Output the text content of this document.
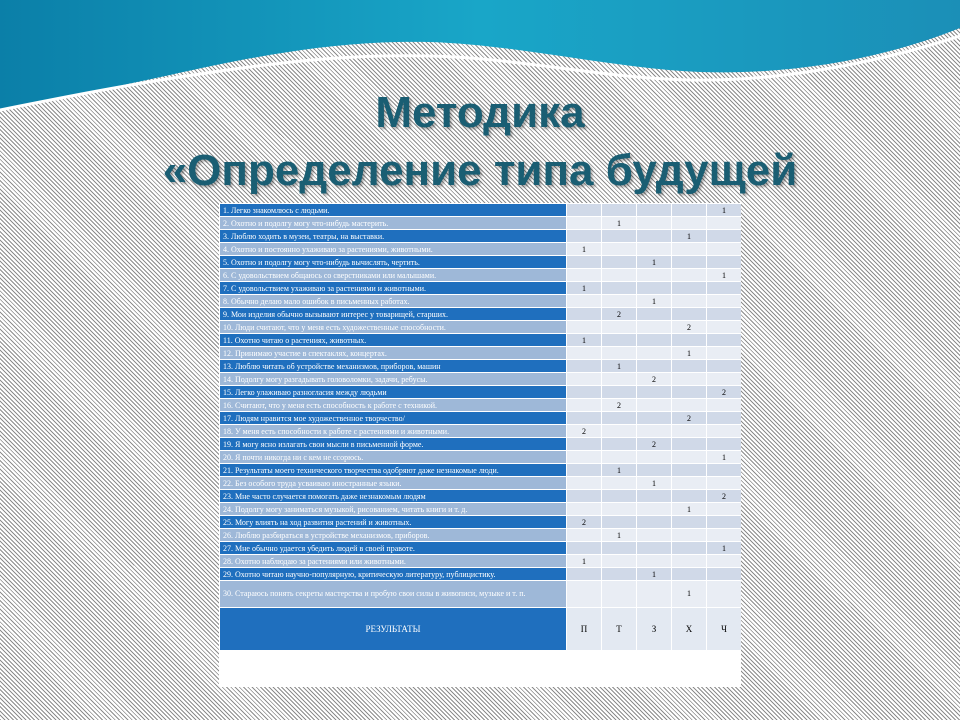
Методика
«Определение типа будущей
1. Легко знакомлюсь с людьми.					1
2. Охотно и подолгу могу что-нибудь мастерить.		1			
3. Люблю ходить в музеи, театры, на выставки.				1	
4. Охотно и постоянно ухаживаю за растениями, животными.	1				
5. Охотно и подолгу могу что-нибудь вычислять, чертить.			1		
6. С удовольствием общаюсь со сверстниками или малышами.					1
7. С удовольствием ухаживаю за растениями и животными.	1				
8. Обычно делаю мало ошибок в письменных работах.			1		
9. Мои изделия обычно вызывают интерес у товарищей, старших.		2			
10. Люди считают, что у меня есть художественные способности.				2	
11. Охотно читаю о растениях, животных.	1				
12. Принимаю участие в спектаклях, концертах.				1	
13. Люблю читать об устройстве механизмов, приборов, машин		1			
14. Подолгу могу разгадывать головоломки, задачи, ребусы.			2		
15. Легко улаживаю разногласия между людьми					2
16. Считают, что у меня есть способность к работе с техникой.		2			
17. Людям нравится мое художественное творчество/				2	
18. У меня есть способности к работе с растениями и животными.	2				
19. Я могу ясно излагать свои мысли в письменной форме.			2		
20. Я почти никогда ни с кем не ссорюсь.					1
21. Результаты моего технического творчества одобряют даже незнакомые люди.		1			
22. Без особого труда усваиваю иностранные языки.			1		
23. Мне часто случается помогать даже незнакомым людям					2
24. Подолгу могу заниматься музыкой, рисованием, читать книги и т. д.				1	
25. Могу влиять на ход развития растений и животных.	2				
26. Люблю разбираться в устройстве механизмов, приборов.		1			
27. Мне обычно удается убедить людей в своей правоте.					1
28. Охотно наблюдаю за растениями или животными.	1				
29. Охотно читаю научно-популярную, критическую литературу, публицистику.			1		
30. Стараюсь понять секреты мастерства и пробую свои силы в живописи, музыке и т. п.				1	
РЕЗУЛЬТАТЫ	П	Т	З	Х	Ч
